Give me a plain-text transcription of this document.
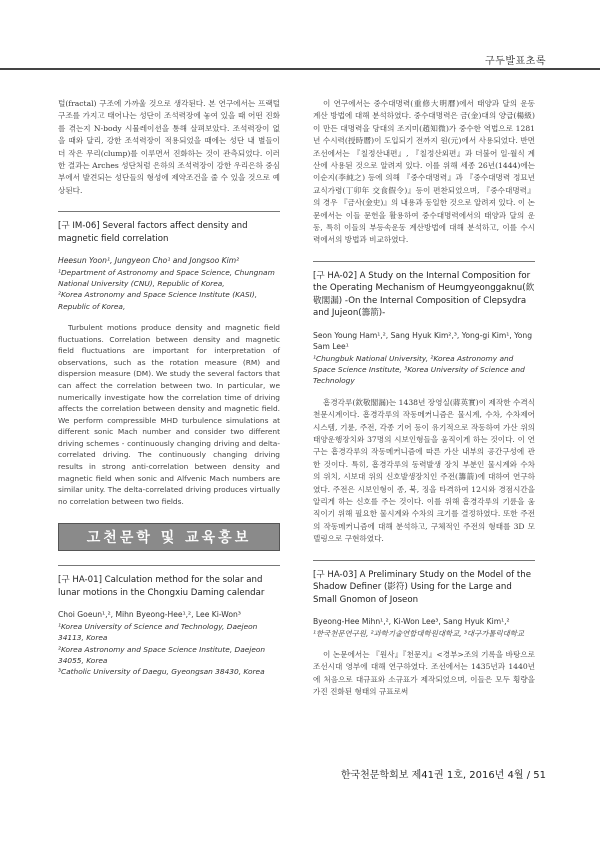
구두발표초록

털(fractal) 구조에 가까울 것으로 생각된다. 본 연구에서는 프랙털 구조를 가지고 태어나는 성단이 조석력장에 놓여 있을 때 어떤 진화를 겪는지 N-body 시뮬레이션을 통해 살펴보았다. 조석력장이 없을 때와 달리, 강한 조석력장이 적용되었을 때에는 성단 내 별들이 더 작은 무리(clump)를 이루면서 진화하는 것이 관측되었다. 이러한 결과는 Arches 성단처럼 은하의 조석력장이 강한 우리은하 중심부에서 발견되는 성단들의 형성에 제약조건을 줄 수 있을 것으로 예상된다.

[구 IM-06] Several factors affect density and magnetic field correlation

Heesun Yoon¹, Jungyeon Cho¹ and Jongsoo Kim²

¹Department of Astronomy and Space Science, Chungnam National University (CNU), Republic of Korea,

²Korea Astronomy and Space Science Institute (KASI), Republic of Korea,

Turbulent motions produce density and magnetic field fluctuations. Correlation between density and magnetic field fluctuations are important for interpretation of observations, such as the rotation measure (RM) and dispersion measure (DM). We study the several factors that can affect the correlation between two. In particular, we numerically investigate how the correlation time of driving affects the correlation between density and magnetic field. We perform compressible MHD turbulence simulations at different sonic Mach number and consider two different driving schemes - continuously changing driving and delta-correlated driving. The continuously changing driving results in strong anti-correlation between density and magnetic field when sonic and Alfvenic Mach numbers are similar unity. The delta-correlated driving produces virtually no correlation between two fields.

고천문학 및 교육홍보

[구 HA-01] Calculation method for the solar and lunar motions in the Chongxiu Daming calendar

Choi Goeun¹,², Mihn Byeong-Hee¹,², Lee Ki-Won³

¹Korea University of Science and Technology, Daejeon 34113, Korea

²Korea Astronomy and Space Science Institute, Daejeon 34055, Korea

³Catholic University of Daegu, Gyeongsan 38430, Korea

이 연구에서는 중수대명력(重修大明曆)에서 태양과 달의 운동 계산 방법에 대해 분석하였다. 중수대명력은 금(金)대의 양급(楊級)이 만든 대명력을 당대의 조지미(趙知微)가 중수한 역법으로 1281년 수시력(授時曆)이 도입되기 전까지 원(元)에서 사용되었다. 반면 조선에서는 『칠정산내편』, 『칠정산외편』과 더불어 일·월식 계산에 사용된 것으로 알려져 있다. 이를 위해 세종 26년(1444)에는 이순지(李純之) 등에 의해 『중수대명력』과 『중수대명력 정묘년 교식가령(丁卯年 交食假令)』등이 편찬되었으며, 『중수대명력』의 경우 『금사(金史)』의 내용과 동일한 것으로 알려져 있다. 이 논문에서는 이들 문헌을 활용하여 중수대명력에서의 태양과 달의 운동, 특히 이들의 부등속운동 계산방법에 대해 분석하고, 이를 수시력에서의 방법과 비교하였다.

[구 HA-02] A Study on the Internal Composition for the Operating Mechanism of Heumgyeonggaknu(欽敬閣漏) -On the Internal Composition of Clepsydra and Jujeon(籌箭)-

Seon Young Ham¹,², Sang Hyuk Kim²,³, Yong-gi Kim¹, Yong Sam Lee¹

¹Chungbuk National University, ²Korea Astronomy and Space Science Institute, ³Korea University of Science and Technology

흠경각루(欽敬閣漏)는 1438년 장영실(蔣英實)이 제작한 수격식 천문시계이다. 흠경각루의 작동메커니즘은 물시계, 수차, 수차제어시스템, 기륜, 주전, 각종 기어 등이 유기적으로 작동하여 가산 위의 태양운행장치와 37명의 시보인형들을 움직이게 하는 것이다. 이 연구는 흠경각루의 작동메커니즘에 따른 가산 내부의 공간구성에 관한 것이다. 특히, 흠경각루의 동력발생 장치 부분인 물시계와 수차의 위치, 시보대 위의 신호발생장치인 주전(籌箭)에 대하여 연구하였다. 주전은 시보인형이 종, 북, 징을 타격하여 12시와 경점시간을 알리게 하는 신호를 주는 것이다. 이를 위해 흠경각루의 기륜을 움직이기 위해 필요한 물시계와 수차의 크기를 결정하였다. 또한 주전의 작동메커니즘에 대해 분석하고, 구체적인 주전의 형태를 3D 모델링으로 구현하였다.

[구 HA-03] A Preliminary Study on the Model of the Shadow Definer (影符) Using for the Large and Small Gnomon of Joseon

Byeong-Hee Mihn¹,², Ki-Won Lee³, Sang Hyuk Kim¹,²

¹한국천문연구원, ²과학기술연합대학원대학교, ³대구가톨릭대학교

이 논문에서는 『원사』『천문지』<경부>조의 기록을 바탕으로 조선시대 영부에 대해 연구하였다. 조선에서는 1435년과 1440년에 처음으로 대규표와 소규표가 제작되었으며, 이들은 모두 횡량을 가진 진화된 형태의 규표로써

한국천문학회보 제41권 1호, 2016년 4월 / 51
